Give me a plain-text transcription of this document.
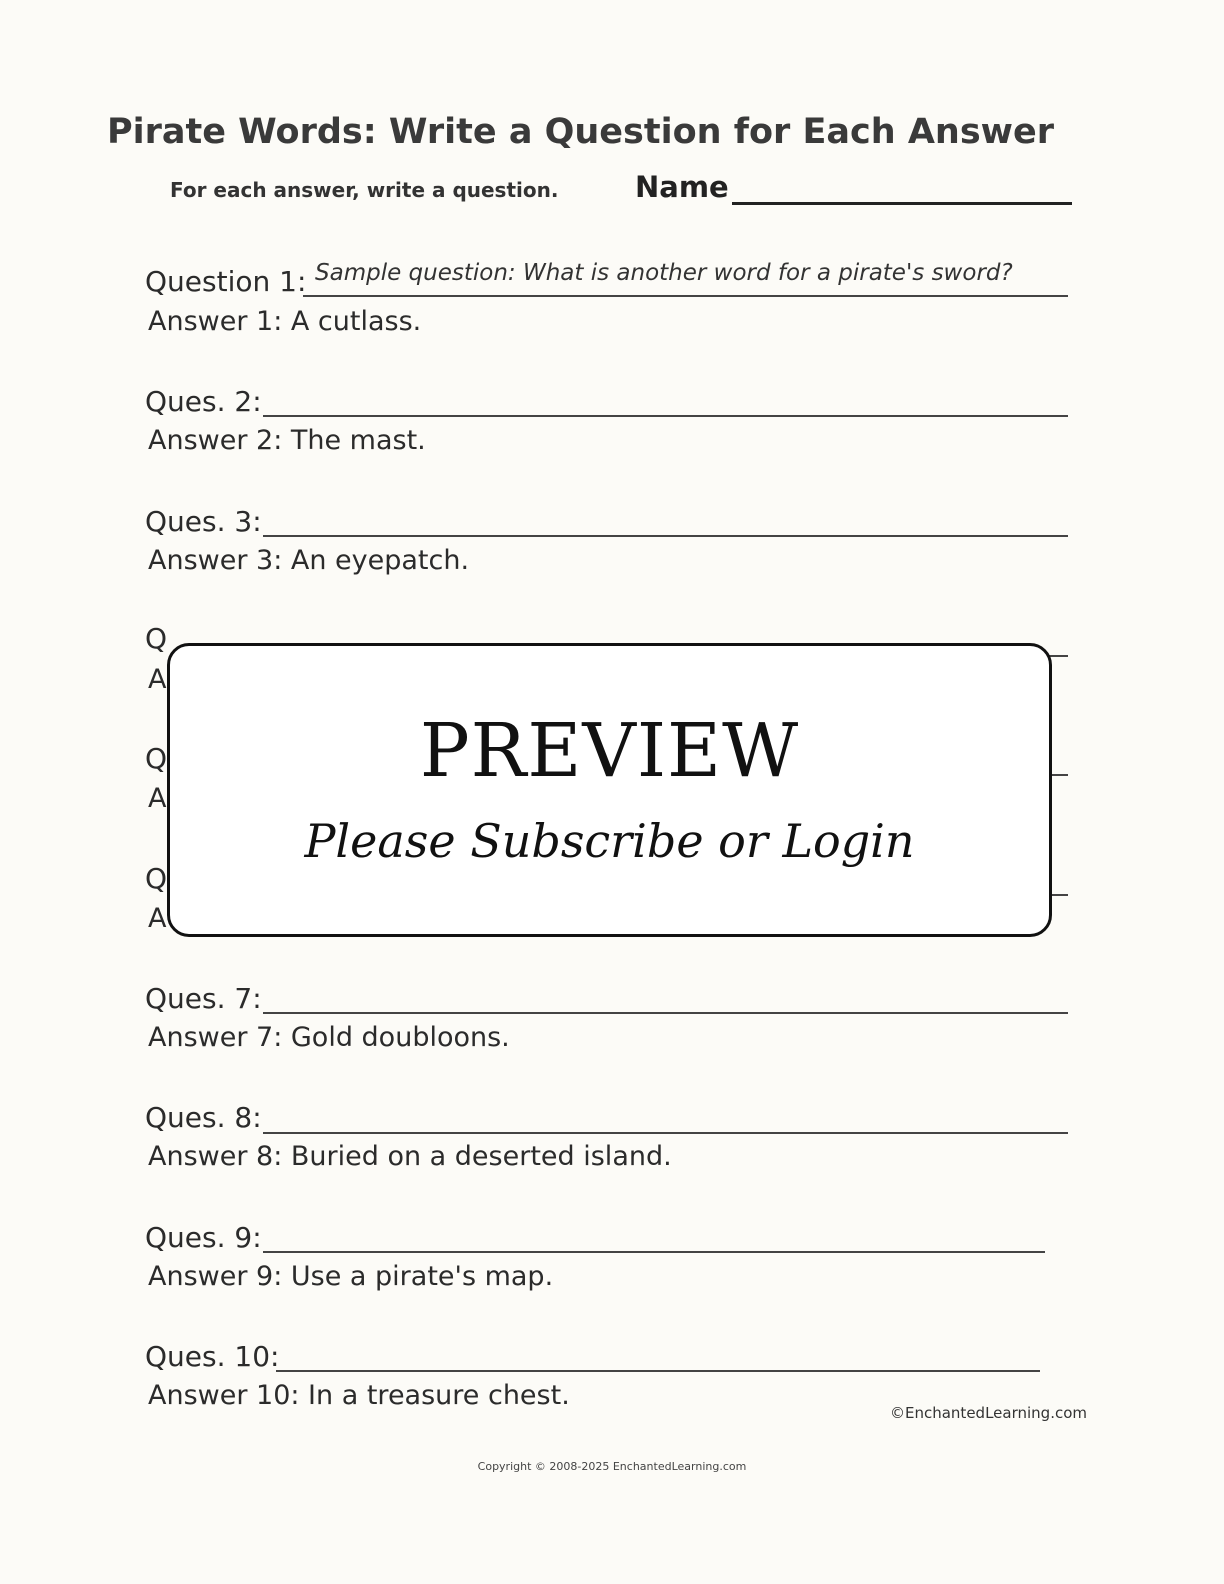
Pirate Words: Write a Question for Each Answer
For each answer, write a question.	Name
Question 1: Sample question: What is another word for a pirate's sword?
Answer 1: A cutlass.
Ques. 2:
Answer 2: The mast.
Ques. 3:
Answer 3: An eyepatch.
Q
A
Q
A
Q
A
Ques. 7:
Answer 7: Gold doubloons.
Ques. 8:
Answer 8: Buried on a deserted island.
Ques. 9:
Answer 9: Use a pirate's map.
Ques. 10:
Answer 10: In a treasure chest.
©EnchantedLearning.com
Copyright © 2008-2025 EnchantedLearning.com
PREVIEW
Please Subscribe or Login
